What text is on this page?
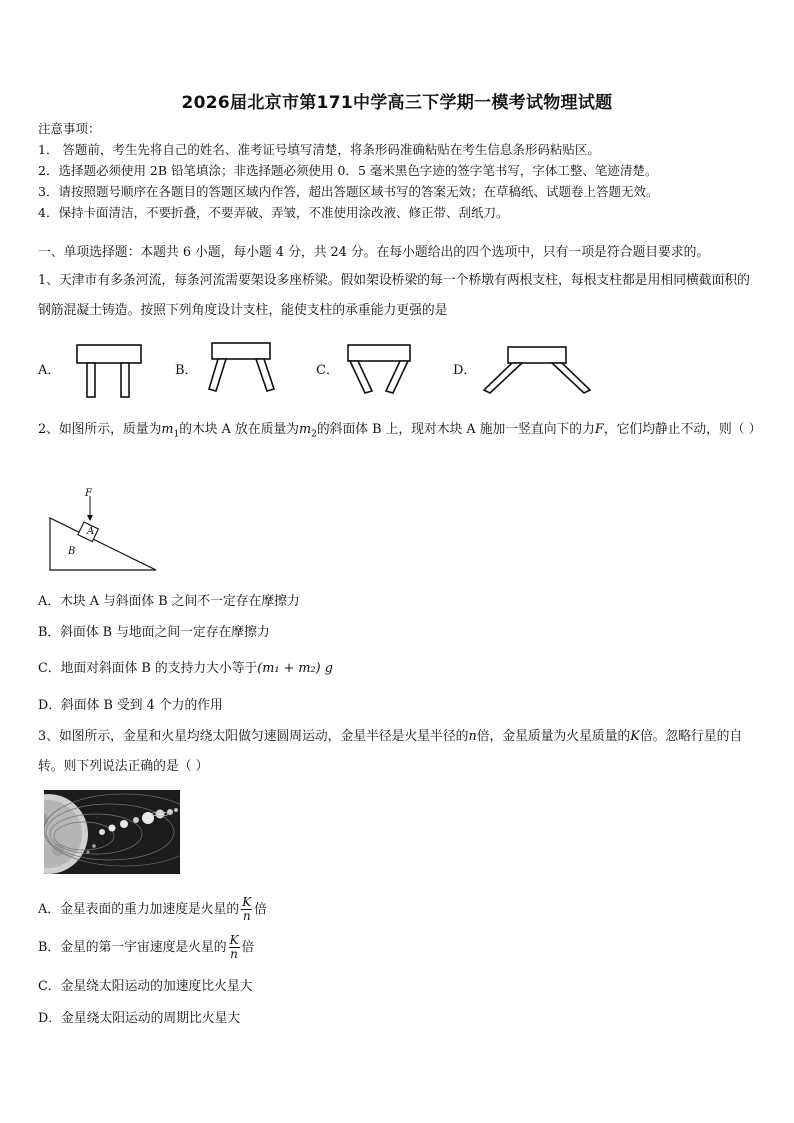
2026届北京市第171中学高三下学期一模考试物理试题
注意事项：
1． 答题前，考生先将自己的姓名、准考证号填写清楚，将条形码准确粘贴在考生信息条形码粘贴区。
2．选择题必须使用 2B 铅笔填涂；非选择题必须使用 0．5 毫米黑色字迹的签字笔书写，字体工整、笔迹清楚。
3．请按照题号顺序在各题目的答题区域内作答，超出答题区域书写的答案无效；在草稿纸、试题卷上答题无效。
4．保持卡面清洁，不要折叠，不要弄破、弄皱，不准使用涂改液、修正带、刮纸刀。
一、单项选择题：本题共 6 小题，每小题 4 分，共 24 分。在每小题给出的四个选项中，只有一项是符合题目要求的。
1、天津市有多条河流，每条河流需要架设多座桥梁。假如架设桥梁的每一个桥墩有两根支柱，每根支柱都是用相同横截面积的钢筋混凝土铸造。按照下列角度设计支柱，能使支柱的承重能力更强的是
A．	B．	C．	D．
2、如图所示，质量为$m_1$的木块 A 放在质量为$m_2$的斜面体 B 上，现对木块 A 施加一竖直向下的力F，它们均静止不动，则（ ）
F
A
B
A．木块 A 与斜面体 B 之间不一定存在摩擦力
B．斜面体 B 与地面之间一定存在摩擦力
C．地面对斜面体 B 的支持力大小等于(m₁ + m₂) g
D．斜面体 B 受到 4 个力的作用
3、如图所示，金星和火星均绕太阳做匀速圆周运动，金星半径是火星半径的n倍，金星质量为火星质量的K倍。忽略行星的自转。则下列说法正确的是（ ）
A．金星表面的重力加速度是火星的 $\frac{K}{n}$ 倍
B．金星的第一宇宙速度是火星的 $\frac{K}{n}$ 倍
C．金星绕太阳运动的加速度比火星大
D．金星绕太阳运动的周期比火星大
